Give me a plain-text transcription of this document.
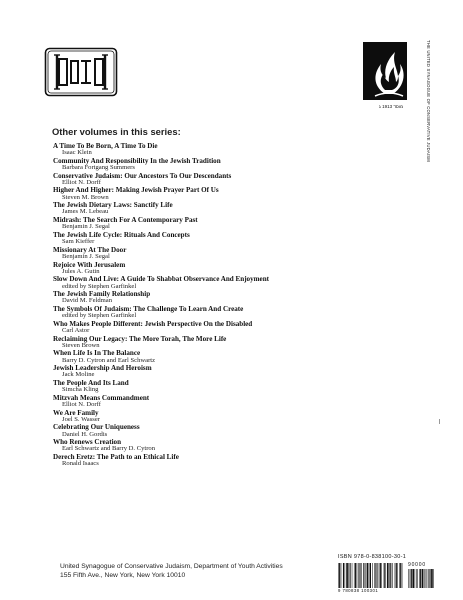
THE UNITED SYNAGOGUE OF CONSERVATIVE JUDAISM
מוסד 1913 ג
Other volumes in this series:
A Time To Be Born, A Time To Die
Isaac Klein
Community And Responsibility In the Jewish Tradition
Barbara Fortgang Summers
Conservative Judaism: Our Ancestors To Our Descendants
Elliot N. Dorff
Higher And Higher: Making Jewish Prayer Part Of Us
Steven M. Brown
The Jewish Dietary Laws: Sanctify Life
James M. Lebeau
Midrash: The Search For A Contemporary Past
Benjamin J. Segal
The Jewish Life Cycle: Rituals And Concepts
Sam Kieffer
Missionary At The Door
Benjamin J. Segal
Rejoice With Jerusalem
Jules A. Gutin
Slow Down And Live: A Guide To Shabbat Observance And Enjoyment
edited by Stephen Garfinkel
The Jewish Family Relationship
David M. Feldman
The Symbols Of Judaism: The Challenge To Learn And Create
edited by Stephen Garfinkel
Who Makes People Different: Jewish Perspective On the Disabled
Carl Astor
Reclaiming Our Legacy: The More Torah, The More Life
Steven Brown
When Life Is In The Balance
Barry D. Cytron and Earl Schwartz
Jewish Leadership And Heroism
Jack Moline
The People And Its Land
Simcha Kling
Mitzvah Means Commandment
Elliot N. Dorff
We Are Family
Joel S. Wasser
Celebrating Our Uniqueness
Daniel H. Gordis
Who Renews Creation
Earl Schwartz and Barry D. Cytron
Derech Eretz: The Path to an Ethical Life
Ronald Isaacs
United Synagogue of Conservative Judaism, Department of Youth Activities
155 Fifth Ave., New York, New York 10010
ISBN 978-0-838100-30-1
90000
9 780838 100301
